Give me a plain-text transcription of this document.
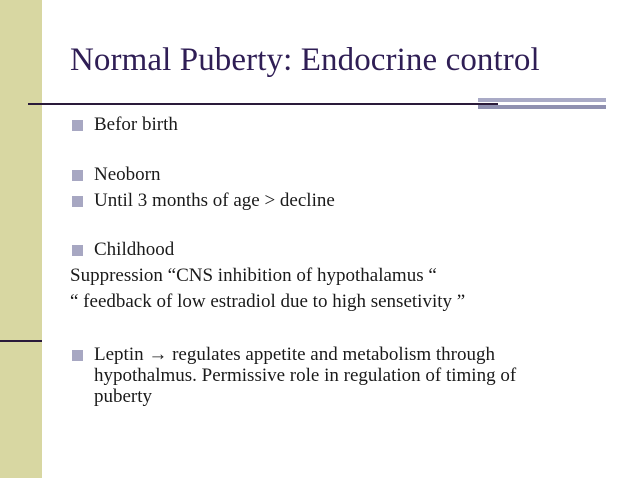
Normal Puberty: Endocrine control
Befor birth
Neoborn
Until 3 months of age > decline
Childhood
Suppression “CNS inhibition of hypothalamus “
“ feedback of low estradiol due to high sensetivity ”
Leptin → regulates appetite and metabolism through
hypothalmus. Permissive role in regulation of timing of
puberty
